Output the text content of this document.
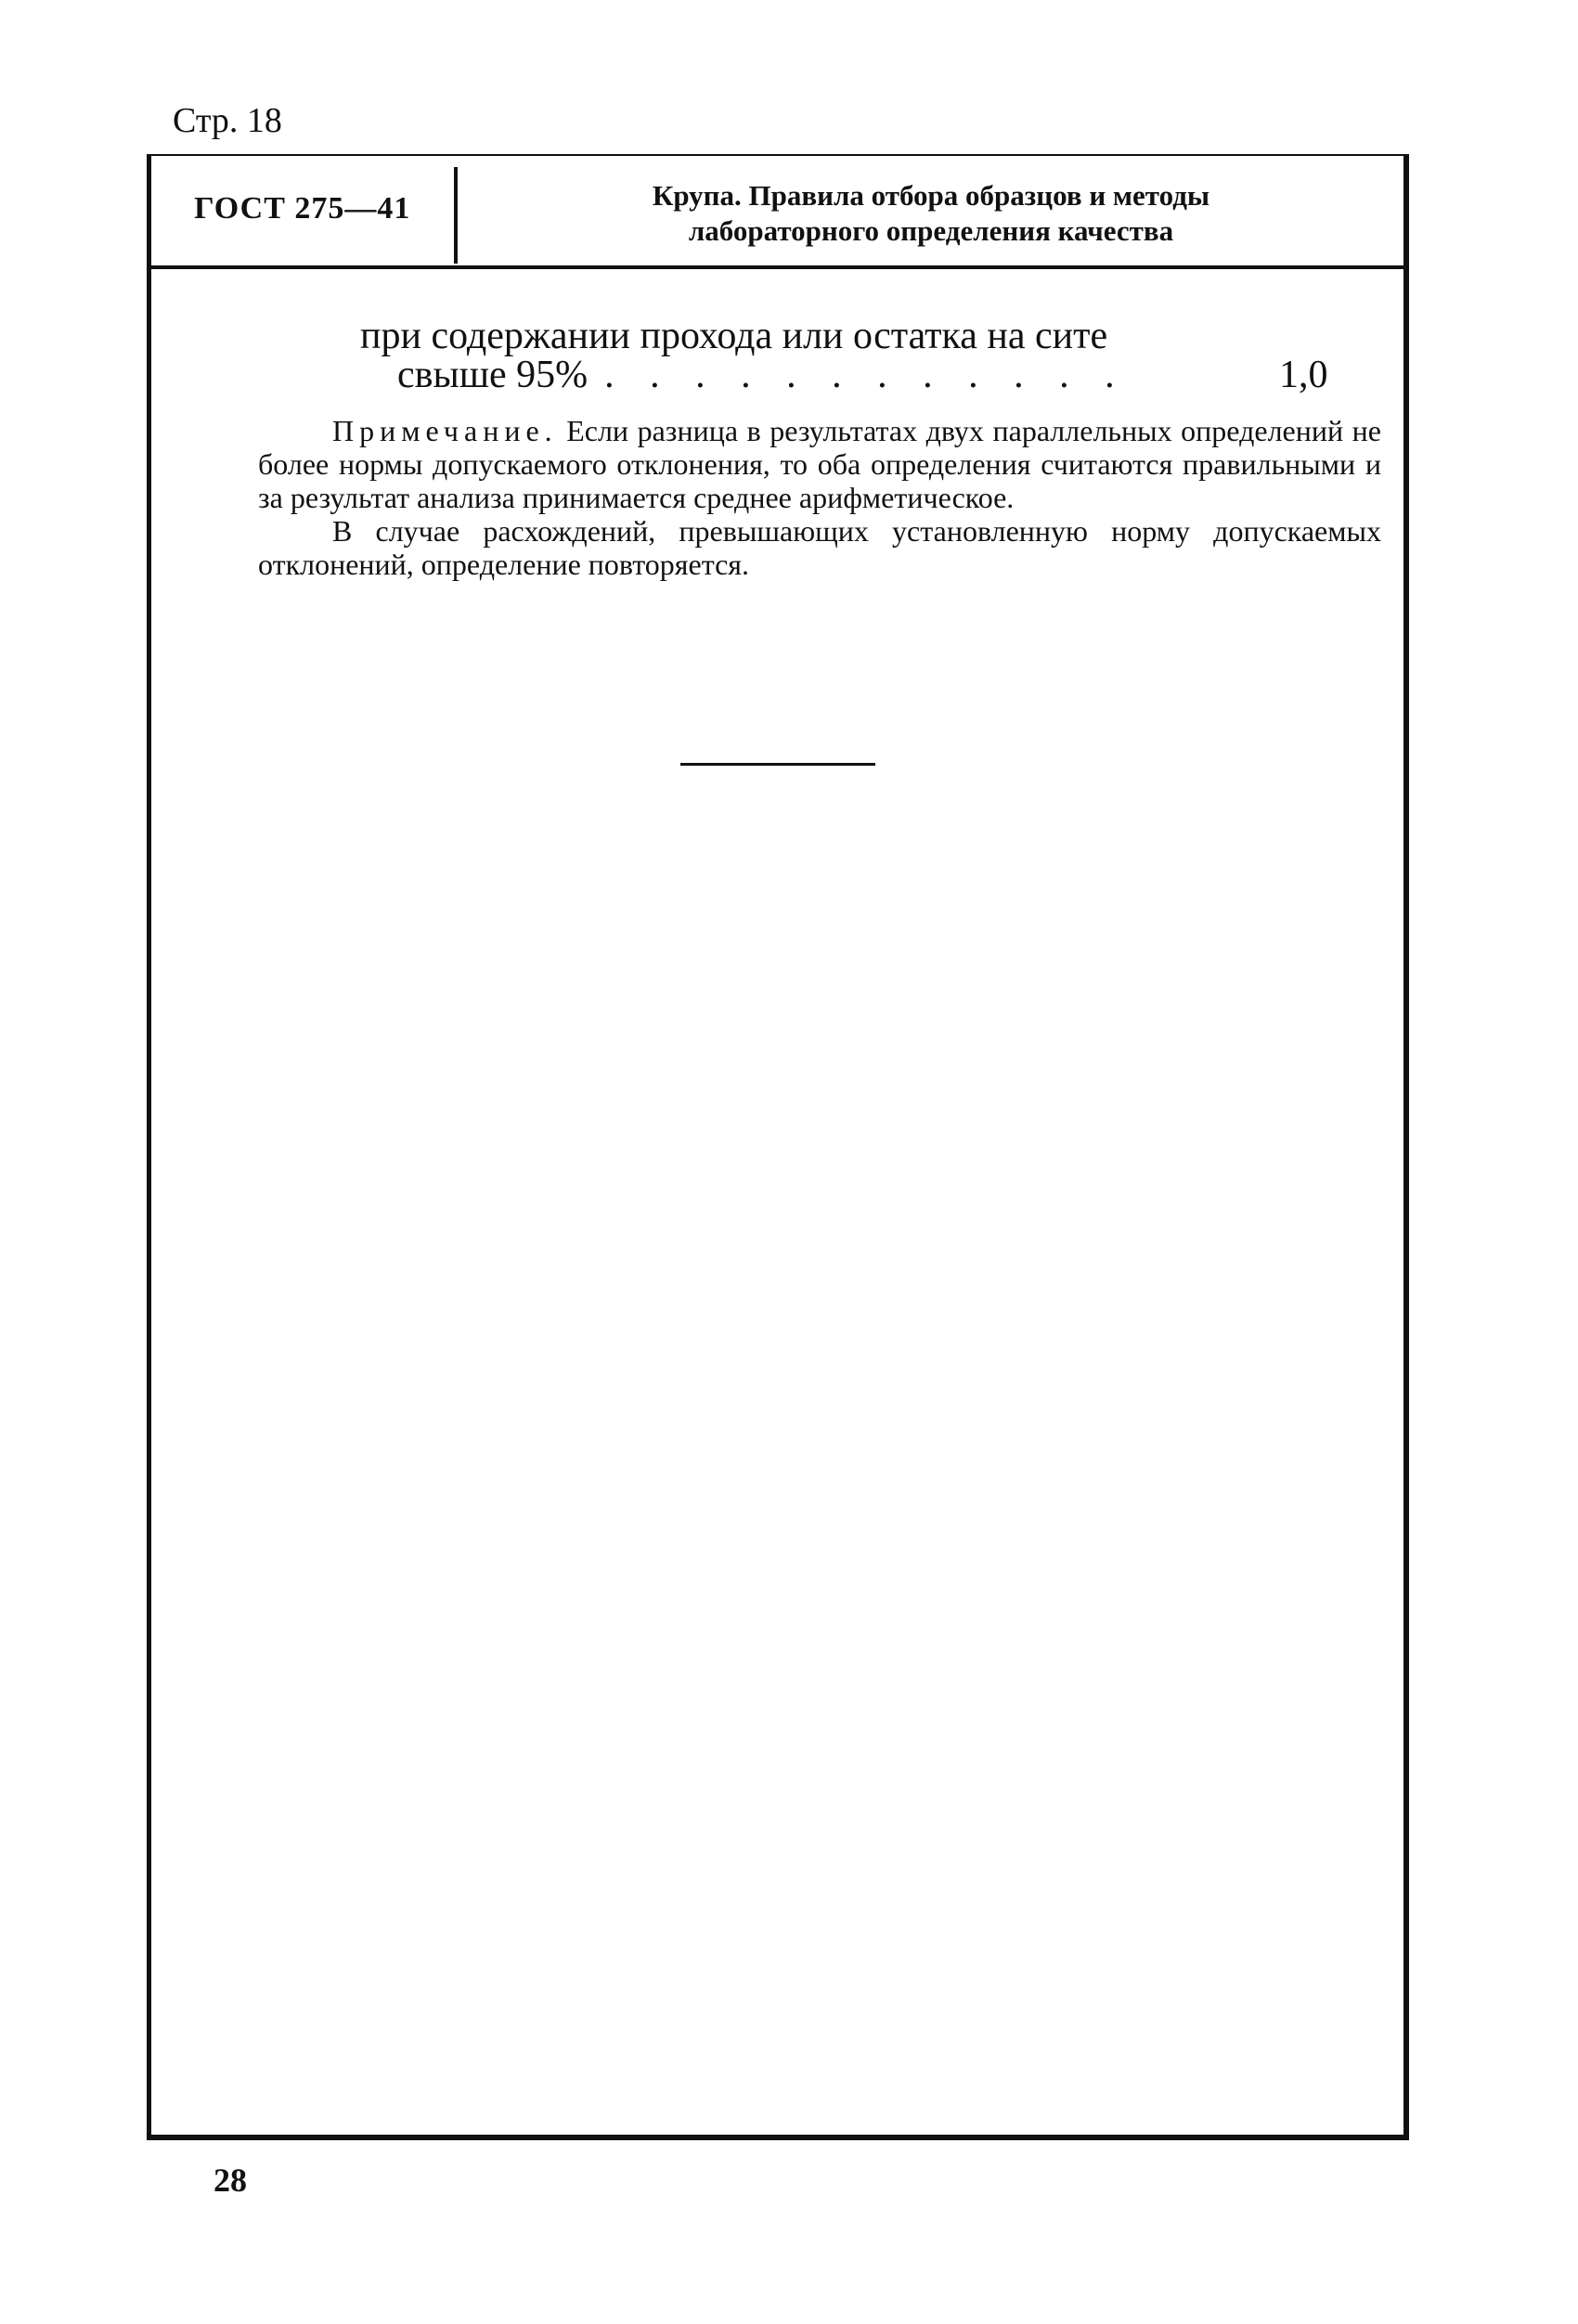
Стр. 18
ГОСТ 275—41	Крупа. Правила отбора образцов и методы
лабораторного определения качества
при содержании прохода или остатка на сите
свыше 95% . . . . . . . . . . . .	1,0

Примечание. Если разница в результатах двух параллельных определений не более нормы допускаемого отклонения, то оба определения считаются правильными и за результат анализа принимается среднее арифметическое.

В случае расхождений, превышающих установленную норму допускаемых отклонений, определение повторяется.

28
